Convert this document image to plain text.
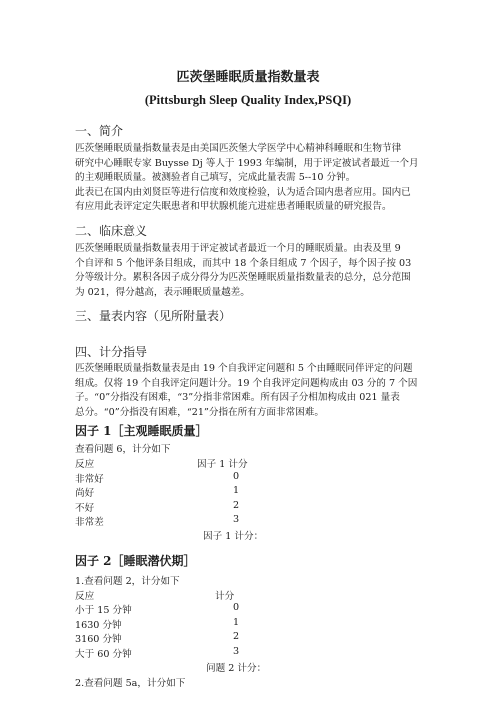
匹茨堡睡眠质量指数量表
(Pittsburgh Sleep Quality Index,PSQI)
一、简介
匹茨堡睡眠质量指数量表是由美国匹茨堡大学医学中心精神科睡眠和生物节律
研究中心睡眠专家 Buysse Dj 等人于 1993 年编制，用于评定被试者最近一个月
的主观睡眠质量。被测验者自己填写，完成此量表需 5--10 分钟。
此表已在国内由刘贤臣等进行信度和效度检验，认为适合国内患者应用。国内已
有应用此表评定定失眠患者和甲状腺机能亢进症患者睡眠质量的研究报告。
二、临床意义
匹茨堡睡眠质量指数量表用于评定被试者最近一个月的睡眠质量。由表及里 9
个自评和 5 个他评条目组成，而其中 18 个条目组成 7 个因子，每个因子按 03
分等级计分。累积各因子成分得分为匹茨堡睡眠质量指数量表的总分，总分范围
为 021，得分越高，表示睡眠质量越差。
三、量表内容（见所附量表）
四、计分指导
匹茨堡睡眠质量指数量表是由 19 个自我评定问题和 5 个由睡眠同伴评定的问题
组成。仅将 19 个自我评定问题计分。19 个自我评定问题构成由 03 分的 7 个因
子。“0”分指没有困难，“3”分指非常困难。所有因子分相加构成由 021 量表
总分。“0”分指没有困难，“21”分指在所有方面非常困难。
因子 1［主观睡眠质量］
查看问题 6，计分如下
反应	因子 1 计分
非常好	0
尚好	1
不好	2
非常差	3
因子 1 计分：
因子 2［睡眠潜伏期］
1.查看问题 2，计分如下
反应	计分
小于 15 分钟	0
1630 分钟	1
3160 分钟	2
大于 60 分钟	3
问题 2 计分：
2.查看问题 5a，计分如下
